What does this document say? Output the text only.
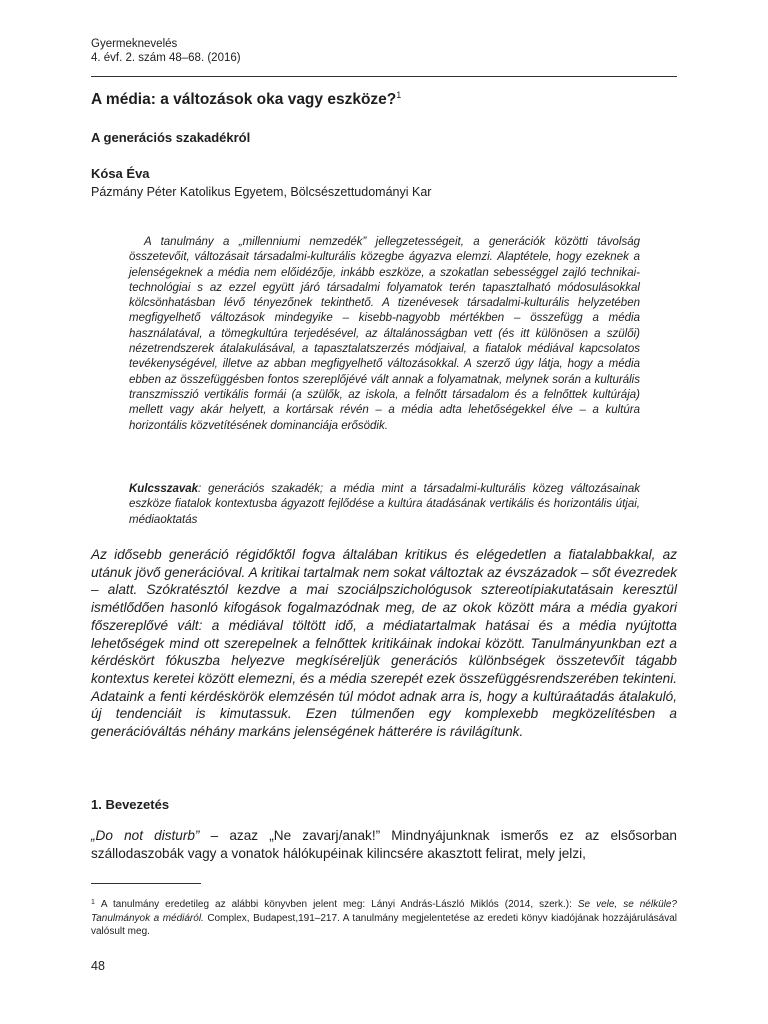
Gyermeknevelés
4. évf. 2. szám 48–68. (2016)
A média: a változások oka vagy eszköze?$^1$
A generációs szakadékról
Kósa Éva
Pázmány Péter Katolikus Egyetem, Bölcsészettudományi Kar

A tanulmány a „millenniumi nemzedék” jellegzetességeit, a generációk közötti távolság összetevőit, változásait társadalmi-kulturális közegbe ágyazva elemzi. Alaptétele, hogy ezeknek a jelenségeknek a média nem előidézője, inkább eszköze, a szokatlan sebességgel zajló technikai-technológiai s az ezzel együtt járó társadalmi folyamatok terén tapasztalható módosulásokkal kölcsönhatásban lévő tényezőnek tekinthető. A tizenévesek társadalmi-kulturális helyzetében megfigyelhető változások mindegyike – kisebb-nagyobb mértékben – összefügg a média használatával, a tömegkultúra terjedésével, az általánosságban vett (és itt különösen a szülői) nézetrendszerek átalakulásával, a tapasztalatszerzés módjaival, a fiatalok médiával kapcsolatos tevékenységével, illetve az abban megfigyelhető változásokkal. A szerző úgy látja, hogy a média ebben az összefüggésben fontos szereplőjévé vált annak a folyamatnak, melynek során a kulturális transzmisszió vertikális formái (a szülők, az iskola, a felnőtt társadalom és a felnőttek kultúrája) mellett vagy akár helyett, a kortársak révén – a média adta lehetőségekkel élve – a kultúra horizontális közvetítésének dominanciája erősödik.

Kulcsszavak: generációs szakadék; a média mint a társadalmi-kulturális közeg változásainak eszköze fiatalok kontextusba ágyazott fejlődése a kultúra átadásának vertikális és horizontális útjai, médiaoktatás

Az idősebb generáció régidőktől fogva általában kritikus és elégedetlen a fiatalabbakkal, az utánuk jövő generációval. A kritikai tartalmak nem sokat változtak az évszázadok – sőt évezredek – alatt. Szókratésztól kezdve a mai szociálpszichológusok sztereotípiakutatásain keresztül ismétlődően hasonló kifogások fogalmazódnak meg, de az okok között mára a média gyakori főszereplővé vált: a médiával töltött idő, a médiatartalmak hatásai és a média nyújtotta lehetőségek mind ott szerepelnek a felnőttek kritikáinak indokai között. Tanulmányunkban ezt a kérdéskört fókuszba helyezve megkíséreljük generációs különbségek összetevőit tágabb kontextus keretei között elemezni, és a média szerepét ezek összefüggésrendszerében tekinteni. Adataink a fenti kérdéskörök elemzésén túl módot adnak arra is, hogy a kultúraátadás átalakuló, új tendenciáit is kimutassuk. Ezen túlmenően egy komplexebb megközelítésben a generációváltás néhány markáns jelenségének hátterére is rávilágítunk.

1. Bevezetés

„Do not disturb” – azaz „Ne zavarj/anak!” Mindnyájunknak ismerős ez az elsősorban szállodaszobák vagy a vonatok hálókupéinak kilincsére akasztott felirat, mely jelzi,

$^1$ A tanulmány eredetileg az alábbi könyvben jelent meg: Lányi András-László Miklós (2014, szerk.): Se vele, se nélküle? Tanulmányok a médiáról. Complex, Budapest,191–217. A tanulmány megjelentetése az eredeti könyv kiadójának hozzájárulásával valósult meg.

48
